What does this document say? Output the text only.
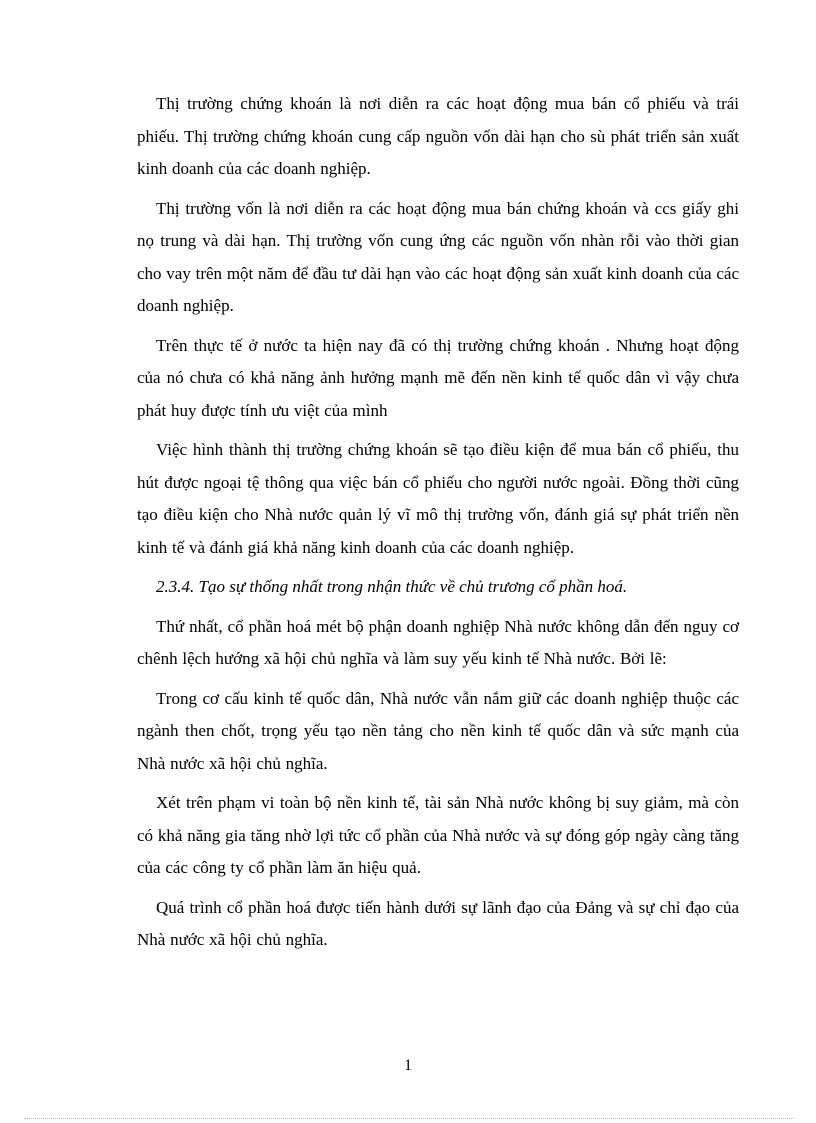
Thị trường chứng khoán là nơi diễn ra các hoạt động mua bán cổ phiếu và trái phiếu. Thị trường chứng khoán cung cấp nguồn vốn dài hạn cho sù phát triển sản xuất kinh doanh của các doanh nghiệp.

Thị trường vốn là nơi diễn ra các hoạt động mua bán chứng khoán và ccs giấy ghi nọ trung và dài hạn. Thị trường vốn cung ứng các nguồn vốn nhàn rỗi vào thời gian cho vay trên một năm để đầu tư dài hạn vào các hoạt động sản xuất kinh doanh của các doanh nghiệp.

Trên thực tế ở nước ta hiện nay đã có thị trường chứng khoán . Nhưng hoạt động của nó chưa có khả năng ảnh hưởng mạnh mẽ đến nền kinh tế quốc dân vì vậy chưa phát huy được tính ưu việt của mình

Việc hình thành thị trường chứng khoán sẽ tạo điều kiện để mua bán cổ phiếu, thu hút được ngoại tệ thông qua việc bán cổ phiếu cho người nước ngoài. Đồng thời cũng tạo điều kiện cho Nhà nước quản lý vĩ mô thị trường vốn, đánh giá sự phát triển nền kinh tế và đánh giá khả năng kinh doanh của các doanh nghiệp.

2.3.4. Tạo sự thống nhất trong nhận thức về chủ trương cổ phần hoá.

Thứ nhất, cổ phần hoá mét bộ phận doanh nghiệp Nhà nước không dẫn đến nguy cơ chênh lệch hướng xã hội chủ nghĩa và làm suy yếu kinh tế Nhà nước. Bởi lẽ:

Trong cơ cấu kinh tế quốc dân, Nhà nước vẫn nắm giữ các doanh nghiệp thuộc các ngành then chốt, trọng yếu tạo nền tảng cho nền kinh tế quốc dân và sức mạnh của Nhà nước xã hội chủ nghĩa.

Xét trên phạm vi toàn bộ nền kinh tế, tài sản Nhà nước không bị suy giảm, mà còn có khả năng gia tăng nhờ lợi tức cổ phần của Nhà nước và sự đóng góp ngày càng tăng của các công ty cổ phần làm ăn hiệu quả.

Quá trình cổ phần hoá được tiến hành dưới sự lãnh đạo của Đảng và sự chỉ đạo của Nhà nước xã hội chủ nghĩa.

1
